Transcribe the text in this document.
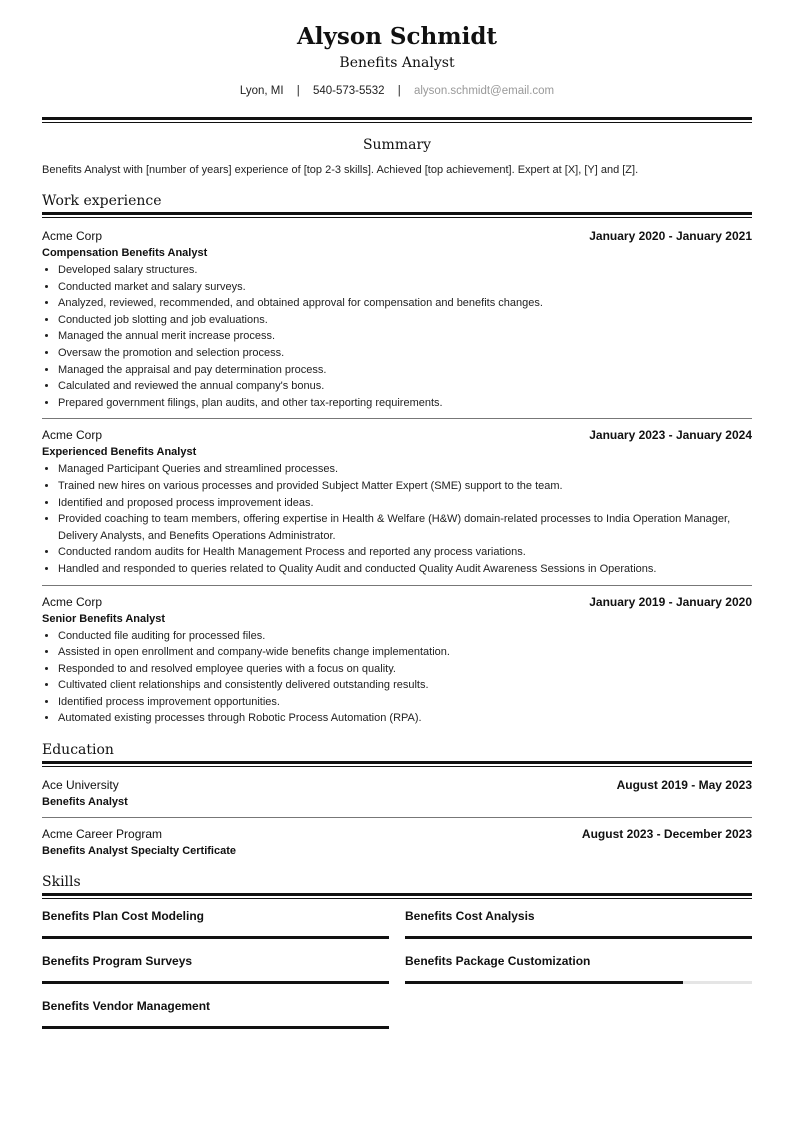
Alyson Schmidt
Benefits Analyst
Lyon, MI | 540-573-5532 | alyson.schmidt@email.com
Summary
Benefits Analyst with [number of years] experience of [top 2-3 skills]. Achieved [top achievement]. Expert at [X], [Y] and [Z].
Work experience
Acme Corp	January 2020 - January 2021
Compensation Benefits Analyst
• Developed salary structures.
• Conducted market and salary surveys.
• Analyzed, reviewed, recommended, and obtained approval for compensation and benefits changes.
• Conducted job slotting and job evaluations.
• Managed the annual merit increase process.
• Oversaw the promotion and selection process.
• Managed the appraisal and pay determination process.
• Calculated and reviewed the annual company's bonus.
• Prepared government filings, plan audits, and other tax-reporting requirements.
Acme Corp	January 2023 - January 2024
Experienced Benefits Analyst
• Managed Participant Queries and streamlined processes.
• Trained new hires on various processes and provided Subject Matter Expert (SME) support to the team.
• Identified and proposed process improvement ideas.
• Provided coaching to team members, offering expertise in Health & Welfare (H&W) domain-related processes to India Operation Manager, Delivery Analysts, and Benefits Operations Administrator.
• Conducted random audits for Health Management Process and reported any process variations.
• Handled and responded to queries related to Quality Audit and conducted Quality Audit Awareness Sessions in Operations.
Acme Corp	January 2019 - January 2020
Senior Benefits Analyst
• Conducted file auditing for processed files.
• Assisted in open enrollment and company-wide benefits change implementation.
• Responded to and resolved employee queries with a focus on quality.
• Cultivated client relationships and consistently delivered outstanding results.
• Identified process improvement opportunities.
• Automated existing processes through Robotic Process Automation (RPA).
Education
Ace University	August 2019 - May 2023
Benefits Analyst
Acme Career Program	August 2023 - December 2023
Benefits Analyst Specialty Certificate
Skills
Benefits Plan Cost Modeling	Benefits Cost Analysis
Benefits Program Surveys	Benefits Package Customization
Benefits Vendor Management
